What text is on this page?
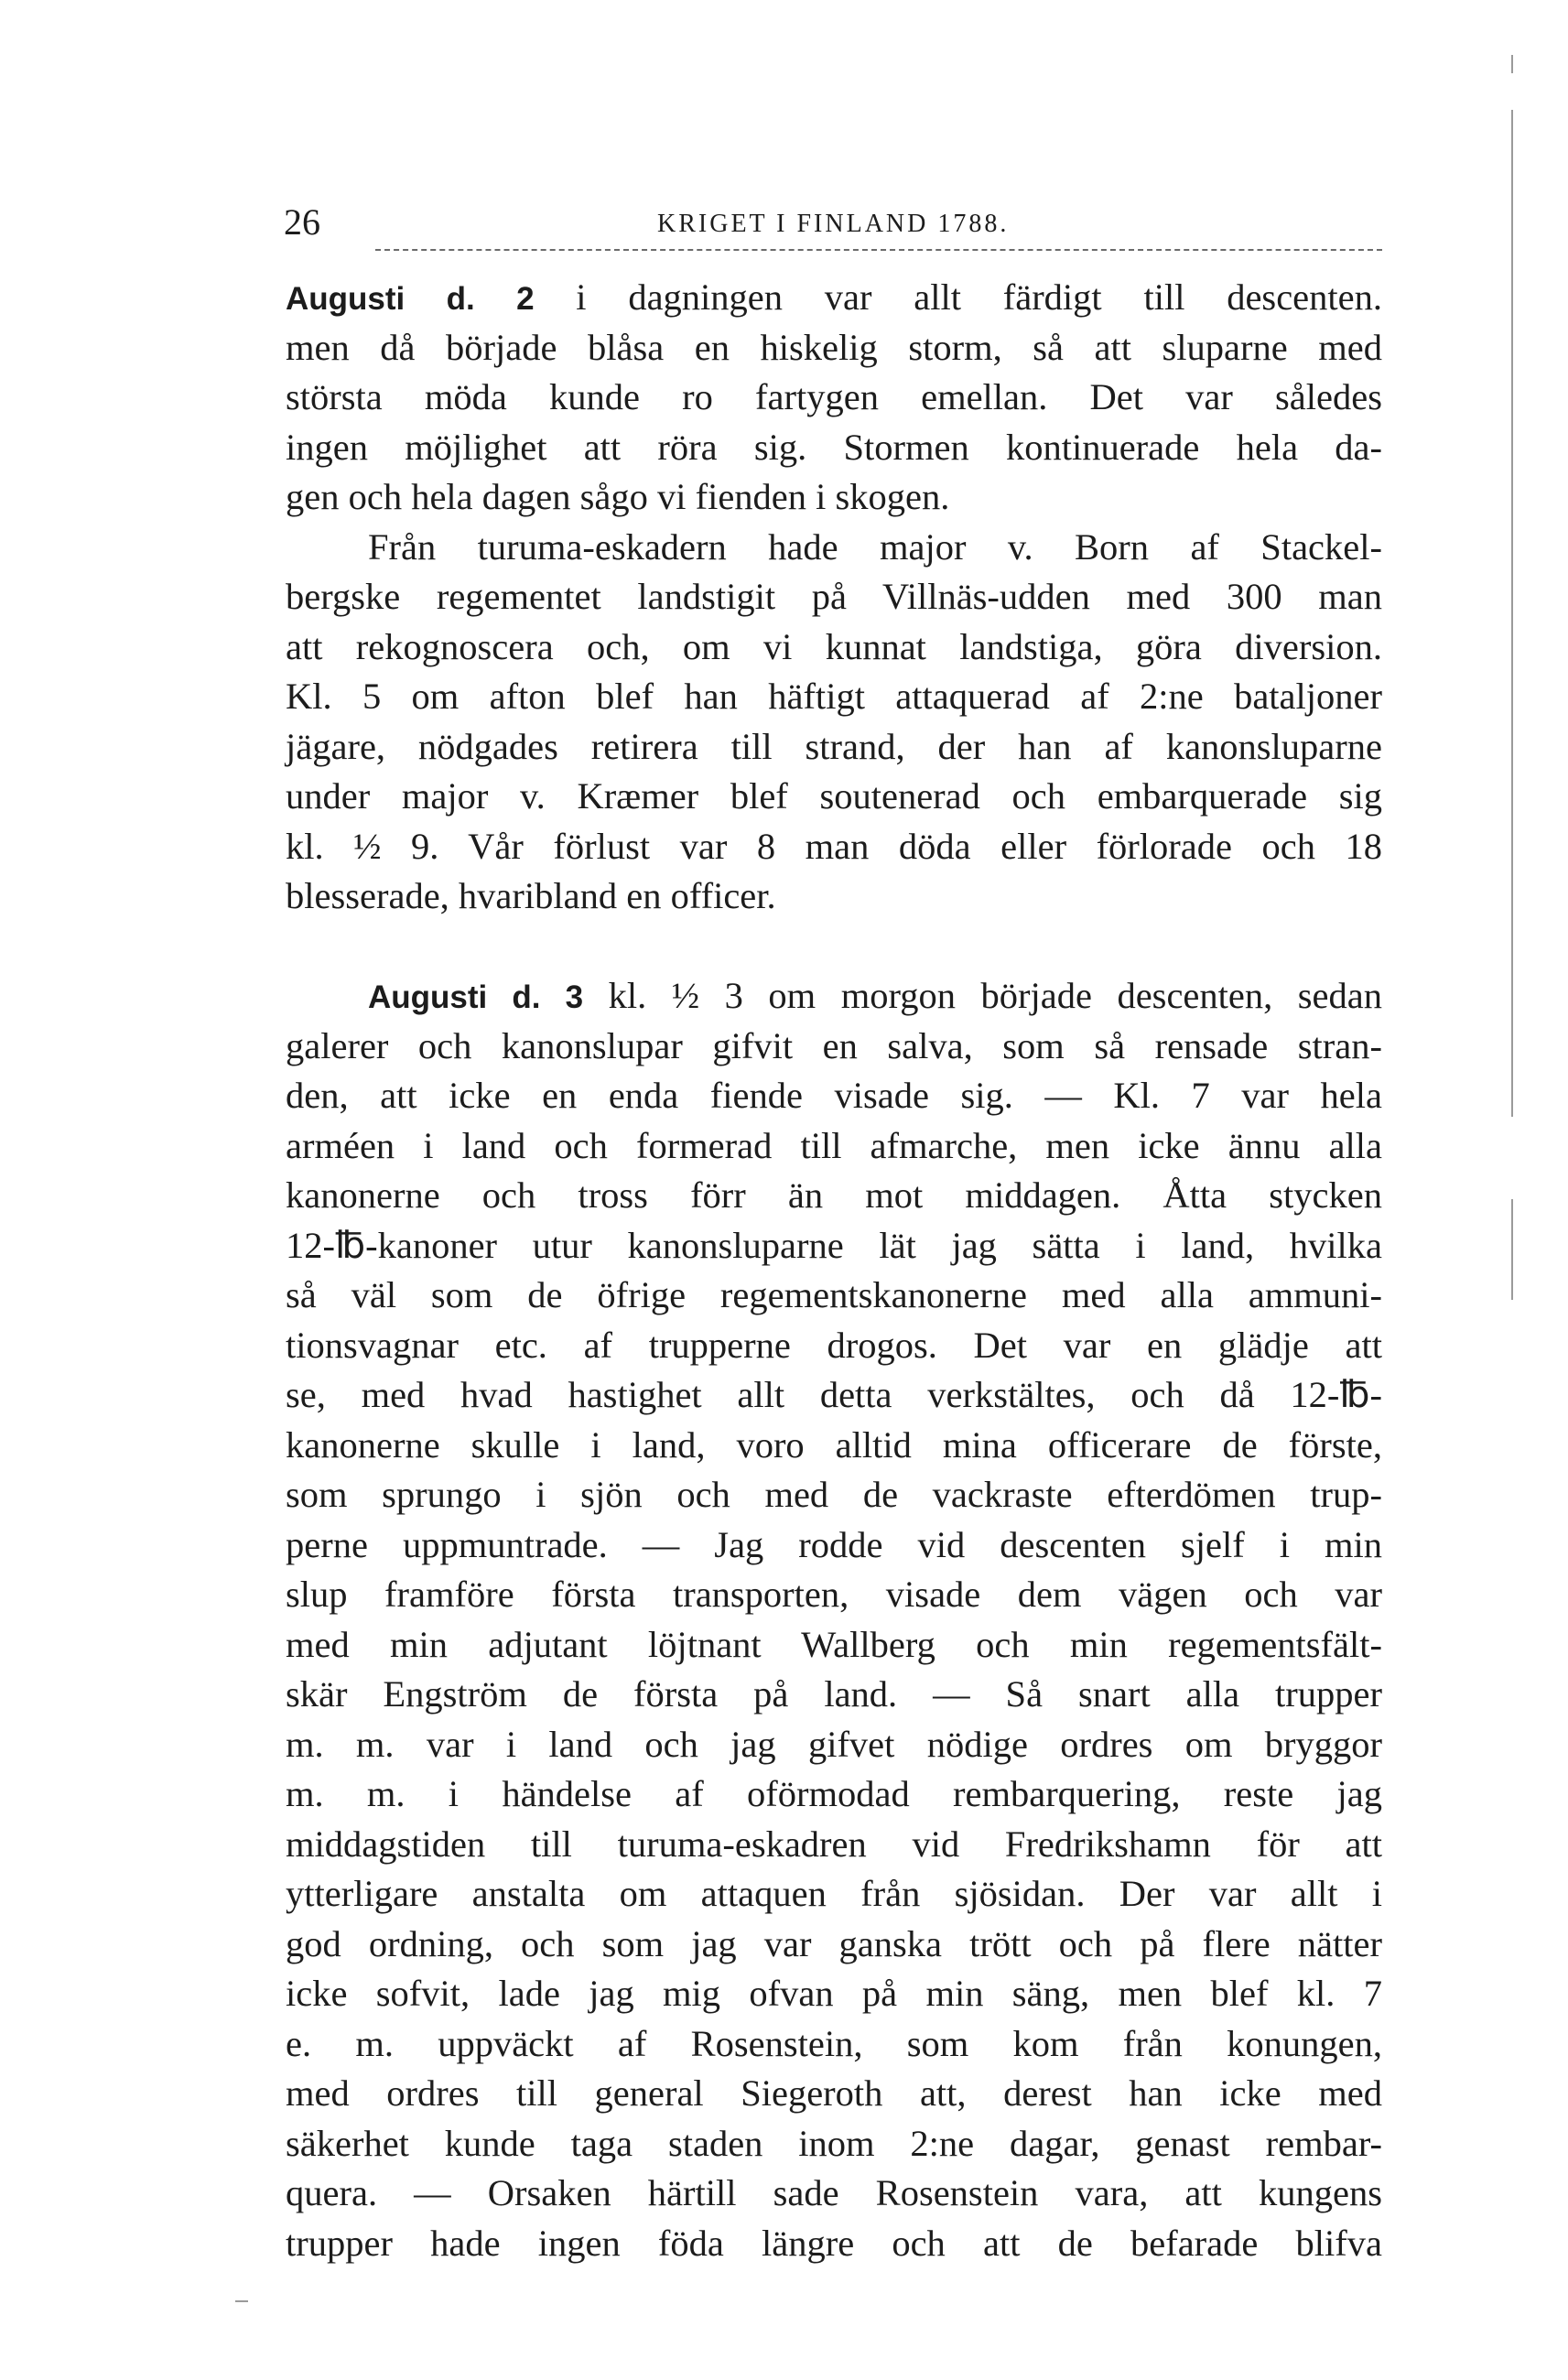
26	KRIGET I FINLAND 1788.
Augusti d. 2 i dagningen var allt färdigt till descenten.
men då började blåsa en hiskelig storm, så att sluparne med
största möda kunde ro fartygen emellan. Det var således
ingen möjlighet att röra sig. Stormen kontinuerade hela da-
gen och hela dagen sågo vi fienden i skogen.
Från turuma-eskadern hade major v. Born af Stackel-
bergske regementet landstigit på Villnäs-udden med 300 man
att rekognoscera och, om vi kunnat landstiga, göra diversion.
Kl. 5 om afton blef han häftigt attaquerad af 2:ne bataljoner
jägare, nödgades retirera till strand, der han af kanonsluparne
under major v. Kræmer blef soutenerad och embarquerade sig
kl. ½ 9. Vår förlust var 8 man döda eller förlorade och 18
blesserade, hvaribland en officer.
Augusti d. 3 kl. ½ 3 om morgon började descenten, sedan
galerer och kanonslupar gifvit en salva, som så rensade stran-
den, att icke en enda fiende visade sig. — Kl. 7 var hela
arméen i land och formerad till afmarche, men icke ännu alla
kanonerne och tross förr än mot middagen. Åtta stycken
12-℔-kanoner utur kanonsluparne lät jag sätta i land, hvilka
så väl som de öfrige regementskanonerne med alla ammuni-
tionsvagnar etc. af trupperne drogos. Det var en glädje att
se, med hvad hastighet allt detta verkstältes, och då 12-℔-
kanonerne skulle i land, voro alltid mina officerare de förste,
som sprungo i sjön och med de vackraste efterdömen trup-
perne uppmuntrade. — Jag rodde vid descenten sjelf i min
slup framföre första transporten, visade dem vägen och var
med min adjutant löjtnant Wallberg och min regementsfält-
skär Engström de första på land. — Så snart alla trupper
m. m. var i land och jag gifvet nödige ordres om bryggor
m. m. i händelse af oförmodad rembarquering, reste jag
middagstiden till turuma-eskadren vid Fredrikshamn för att
ytterligare anstalta om attaquen från sjösidan. Der var allt i
god ordning, och som jag var ganska trött och på flere nätter
icke sofvit, lade jag mig ofvan på min säng, men blef kl. 7
e. m. uppväckt af Rosenstein, som kom från konungen,
med ordres till general Siegeroth att, derest han icke med
säkerhet kunde taga staden inom 2:ne dagar, genast rembar-
quera. — Orsaken härtill sade Rosenstein vara, att kungens
trupper hade ingen föda längre och att de befarade blifva
